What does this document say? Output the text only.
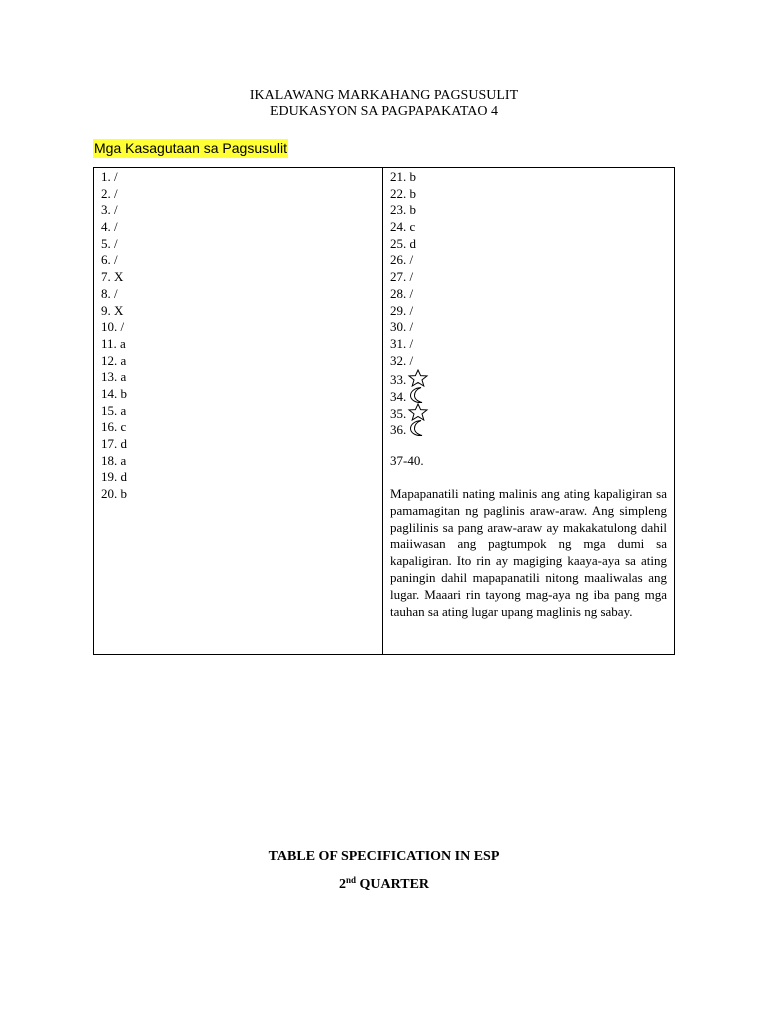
IKALAWANG MARKAHANG PAGSUSULIT
EDUKASYON SA PAGPAPAKATAO 4
Mga Kasagutaan sa Pagsusulit
1. /
2. /
3. /
4. /
5. /
6. /
7. X
8. /
9. X
10. /
11. a
12. a
13. a
14. b
15. a
16. c
17. d
18. a
19. d
20. b
21. b
22. b
23. b
24. c
25. d
26. /
27. /
28. /
29. /
30. /
31. /
32. /
33.
34.
35.
36.
37-40.

Mapapanatili nating malinis ang ating kapaligiran sa pamamagitan ng paglinis araw-araw. Ang simpleng paglilinis sa pang araw-araw ay makakatulong dahil maiiwasan ang pagtumpok ng mga dumi sa kapaligiran. Ito rin ay magiging kaaya-aya sa ating paningin dahil mapapanatili nitong maaliwalas ang lugar. Maaari rin tayong mag-aya ng iba pang mga tauhan sa ating lugar upang maglinis ng sabay.

TABLE OF SPECIFICATION IN ESP
2nd QUARTER
